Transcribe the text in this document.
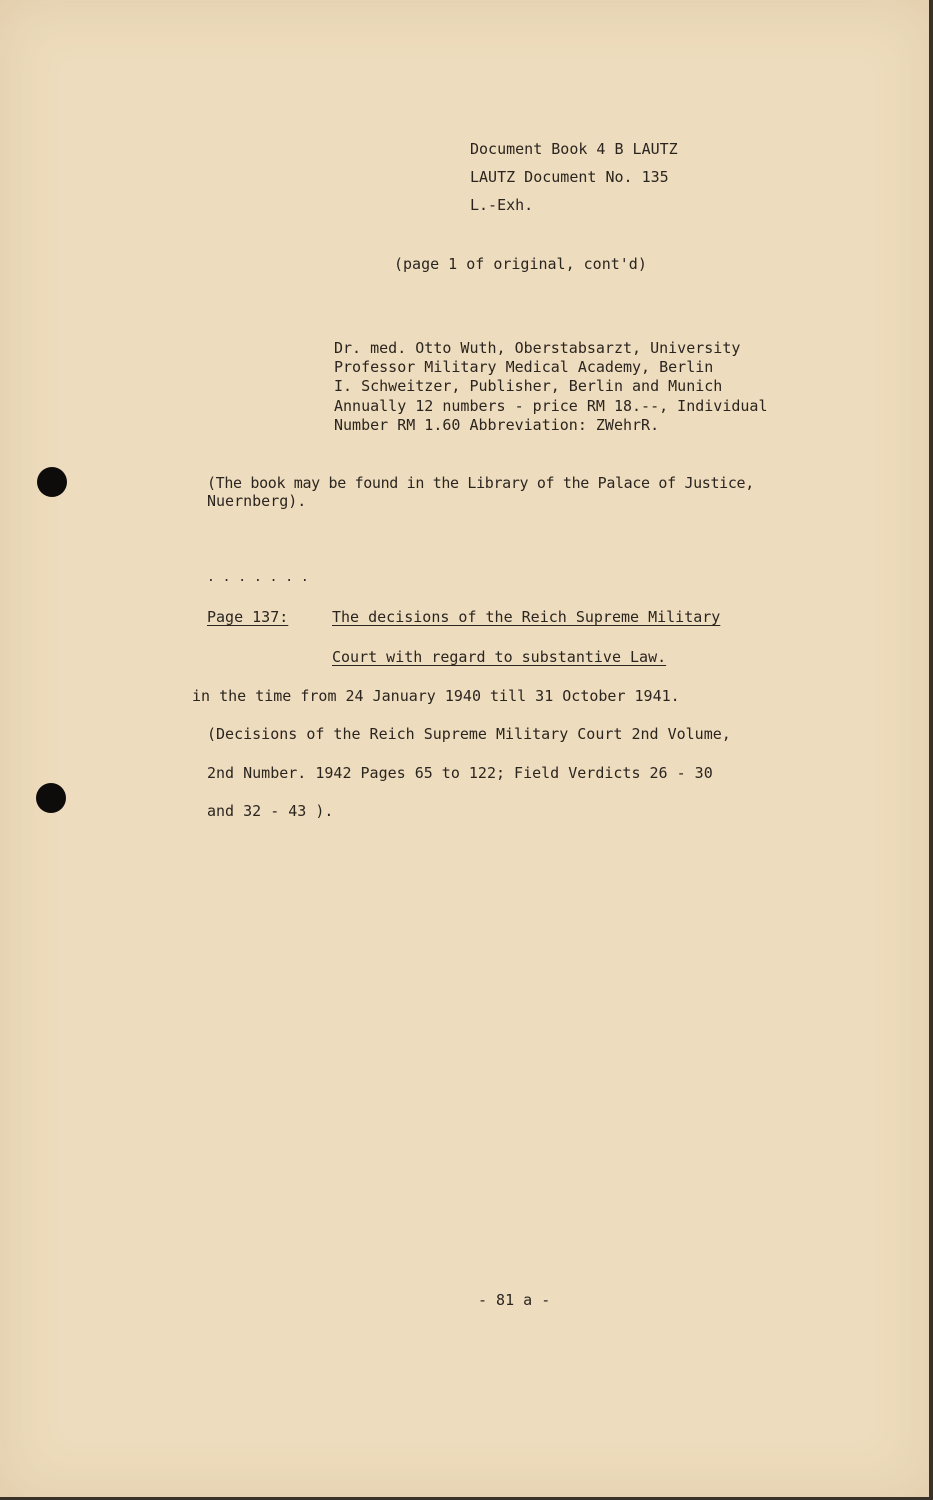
Document Book 4 B LAUTZ
LAUTZ Document No. 135
L.-Exh.
(page 1 of original, cont'd)
Dr. med. Otto Wuth, Oberstabsarzt, University
Professor Military Medical Academy, Berlin
I. Schweitzer, Publisher, Berlin and Munich
Annually 12 numbers - price RM 18.--, Individual
Number RM 1.60 Abbreviation: ZWehrR.
(The book may be found in the Library of the Palace of Justice,
Nuernberg).
. . . . . . .
Page 137:	The decisions of the Reich Supreme Military
Court with regard to substantive Law.
in the time from 24 January 1940 till 31 October 1941.
(Decisions of the Reich Supreme Military Court 2nd Volume,
2nd Number. 1942 Pages 65 to 122; Field Verdicts 26 - 30
and 32 - 43 ).
- 81 a -
